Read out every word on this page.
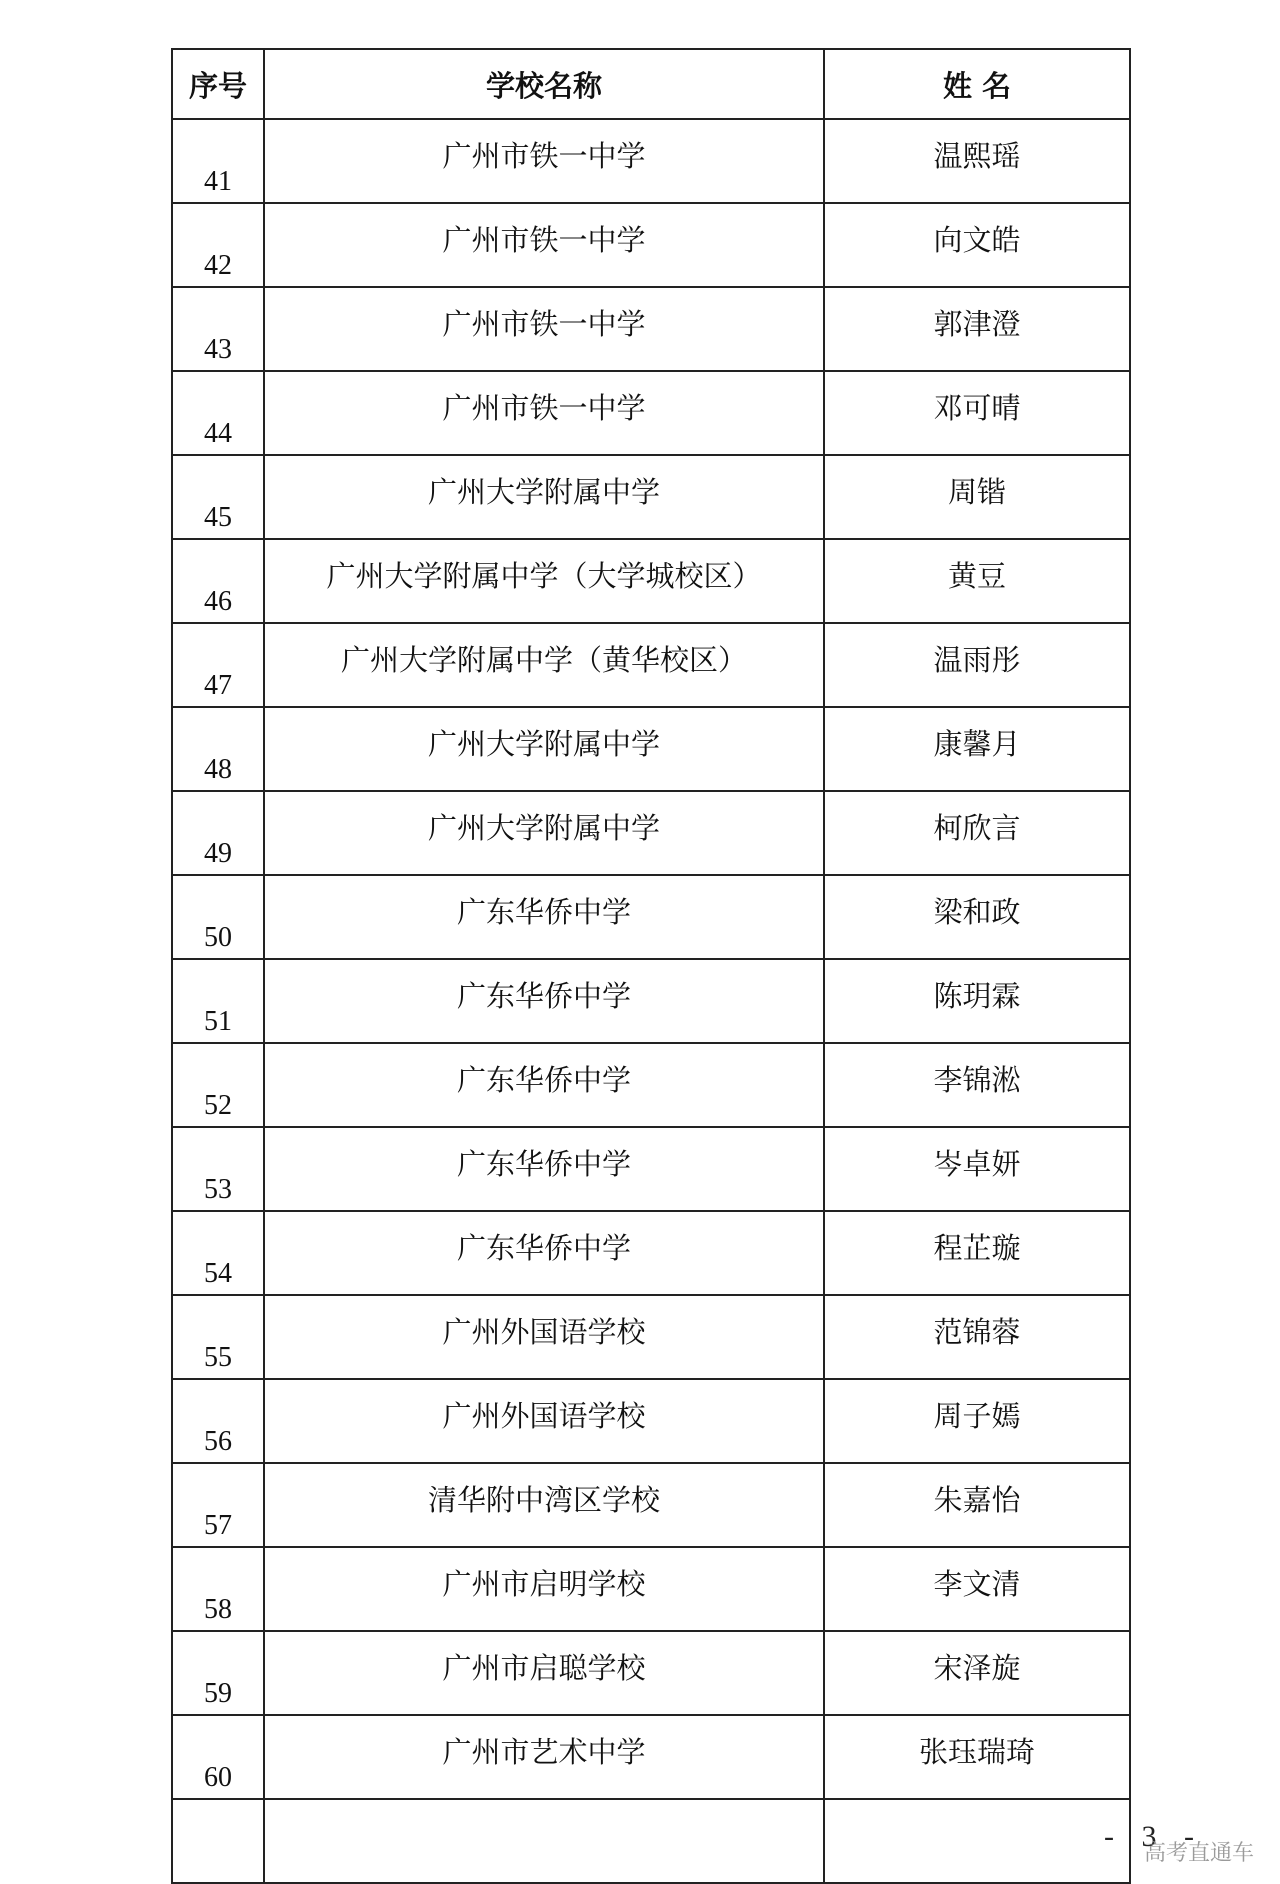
序号	学校名称	姓 名
41	广州市铁一中学	温熙瑶
42	广州市铁一中学	向文皓
43	广州市铁一中学	郭津澄
44	广州市铁一中学	邓可晴
45	广州大学附属中学	周锴
46	广州大学附属中学（大学城校区）	黄豆
47	广州大学附属中学（黄华校区）	温雨彤
48	广州大学附属中学	康馨月
49	广州大学附属中学	柯欣言
50	广东华侨中学	梁和政
51	广东华侨中学	陈玥霖
52	广东华侨中学	李锦淞
53	广东华侨中学	岑卓妍
54	广东华侨中学	程芷璇
55	广州外国语学校	范锦蓉
56	广州外国语学校	周子嫣
57	清华附中湾区学校	朱嘉怡
58	广州市启明学校	李文清
59	广州市启聪学校	宋泽旋
60	广州市艺术中学	张珏瑞琦

- 3 -
高考直通车
